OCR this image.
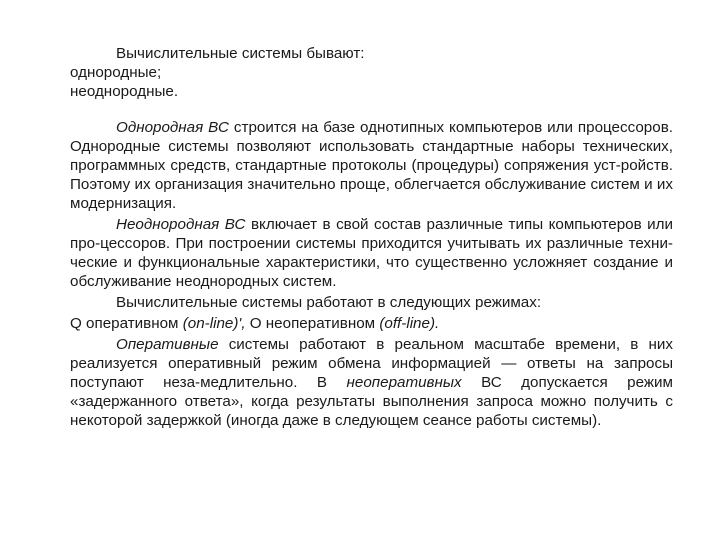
Вычислительные системы бывают:

однородные;

неоднородные.

Однородная ВС строится на базе однотипных компьютеров или процессоров. Однородные системы позволяют использовать стандартные наборы технических, программных средств, стандартные протоколы (процедуры) сопряжения уст-ройств. Поэтому их организация значительно проще, облегчается обслуживание систем и их модернизация.

Неоднородная ВС включает в свой состав различные типы компьютеров или про-цессоров. При построении системы приходится учитывать их различные техни-ческие и функциональные характеристики, что существенно усложняет создание и обслуживание неоднородных систем.

Вычислительные системы работают в следующих режимах:

Q оперативном (on-line)', О неоперативном (off-line).

Оперативные системы работают в реальном масштабе времени, в них реализуется оперативный режим обмена информацией — ответы на запросы поступают неза-медлительно. В неоперативных ВС допускается режим «задержанного ответа», когда результаты выполнения запроса можно получить с некоторой задержкой (иногда даже в следующем сеансе работы системы).
